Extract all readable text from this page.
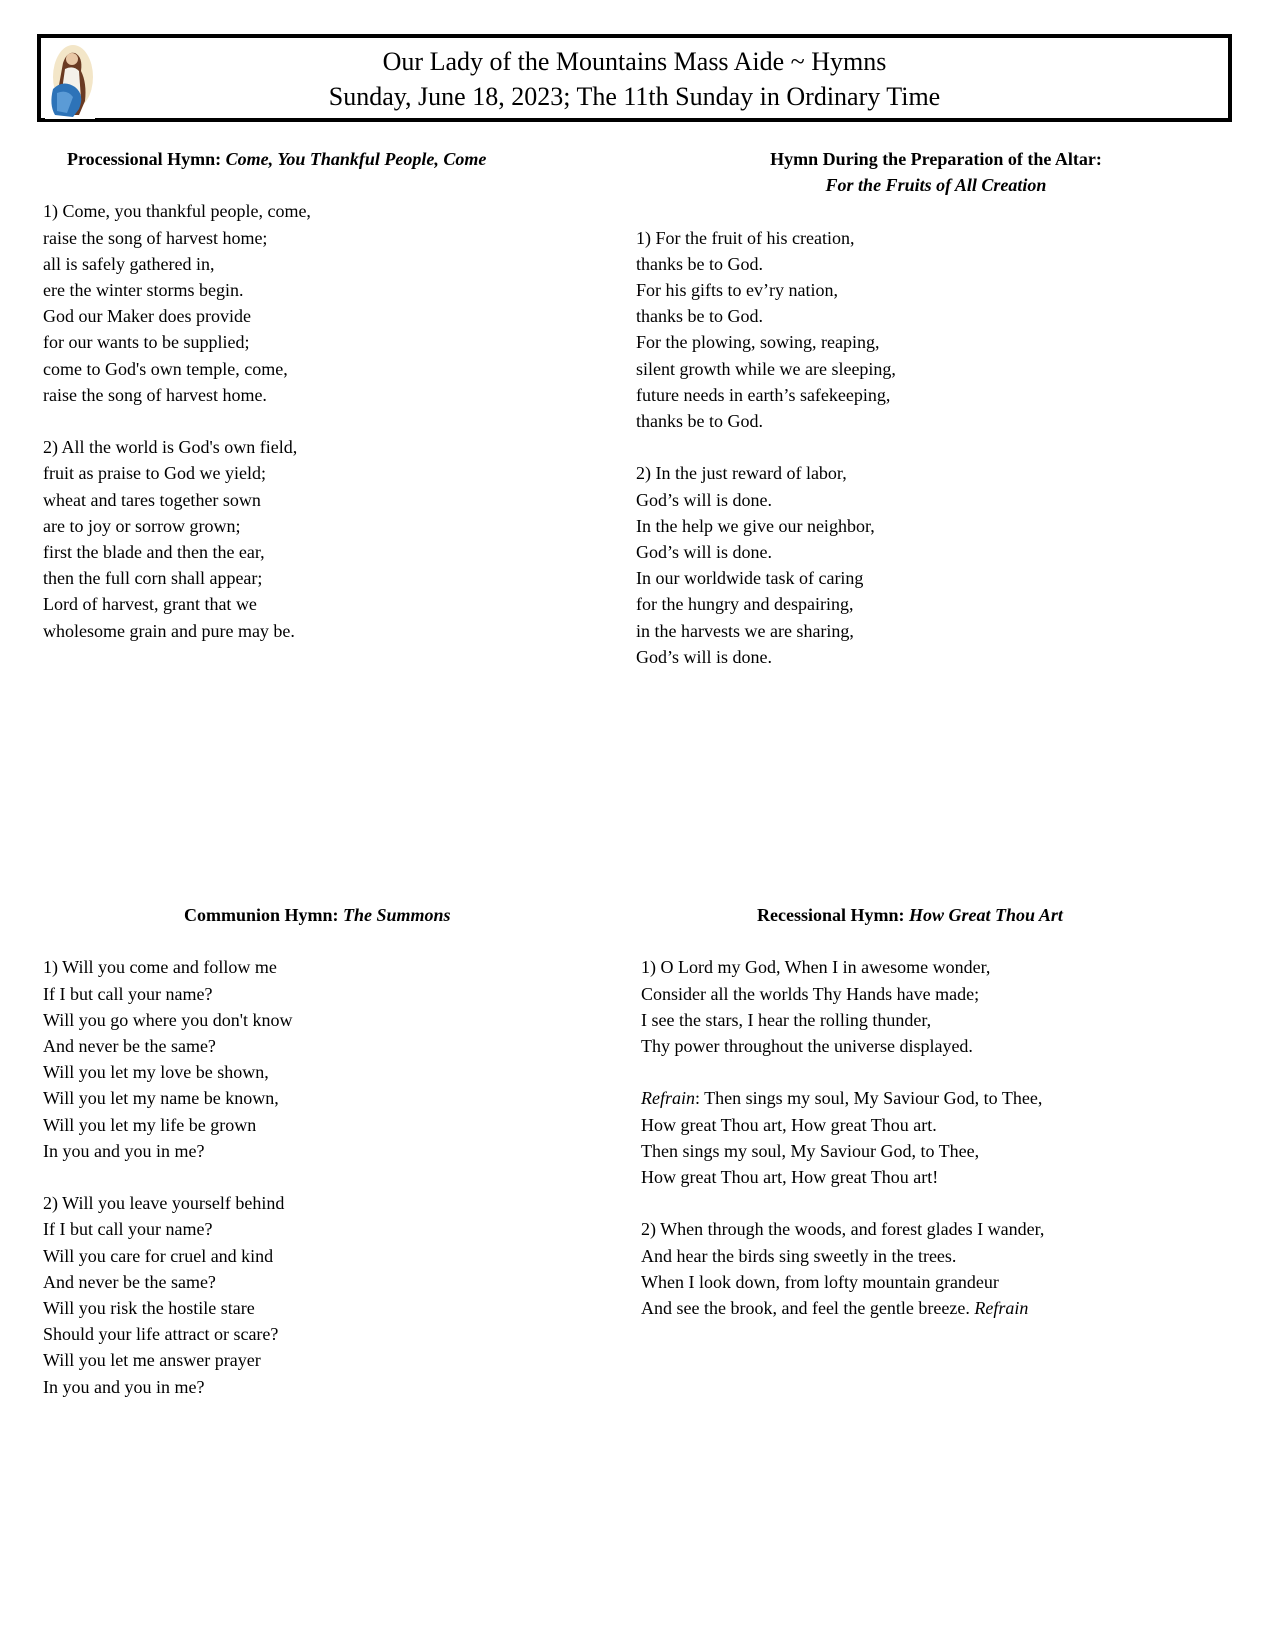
Our Lady of the Mountains Mass Aide ~ Hymns
Sunday, June 18, 2023; The 11th Sunday in Ordinary Time
Processional Hymn: Come, You Thankful People, Come
1) Come, you thankful people, come,
raise the song of harvest home;
all is safely gathered in,
ere the winter storms begin.
God our Maker does provide
for our wants to be supplied;
come to God's own temple, come,
raise the song of harvest home.
2) All the world is God's own field,
fruit as praise to God we yield;
wheat and tares together sown
are to joy or sorrow grown;
first the blade and then the ear,
then the full corn shall appear;
Lord of harvest, grant that we
wholesome grain and pure may be.
Hymn During the Preparation of the Altar:
For the Fruits of All Creation
1) For the fruit of his creation,
thanks be to God.
For his gifts to ev’ry nation,
thanks be to God.
For the plowing, sowing, reaping,
silent growth while we are sleeping,
future needs in earth’s safekeeping,
thanks be to God.
2) In the just reward of labor,
God’s will is done.
In the help we give our neighbor,
God’s will is done.
In our worldwide task of caring
for the hungry and despairing,
in the harvests we are sharing,
God’s will is done.
Communion Hymn: The Summons
1) Will you come and follow me
If I but call your name?
Will you go where you don't know
And never be the same?
Will you let my love be shown,
Will you let my name be known,
Will you let my life be grown
In you and you in me?
2) Will you leave yourself behind
If I but call your name?
Will you care for cruel and kind
And never be the same?
Will you risk the hostile stare
Should your life attract or scare?
Will you let me answer prayer
In you and you in me?
Recessional Hymn: How Great Thou Art
1) O Lord my God, When I in awesome wonder,
Consider all the worlds Thy Hands have made;
I see the stars, I hear the rolling thunder,
Thy power throughout the universe displayed.
Refrain: Then sings my soul, My Saviour God, to Thee,
How great Thou art, How great Thou art.
Then sings my soul, My Saviour God, to Thee,
How great Thou art, How great Thou art!
2) When through the woods, and forest glades I wander,
And hear the birds sing sweetly in the trees.
When I look down, from lofty mountain grandeur
And see the brook, and feel the gentle breeze. Refrain
